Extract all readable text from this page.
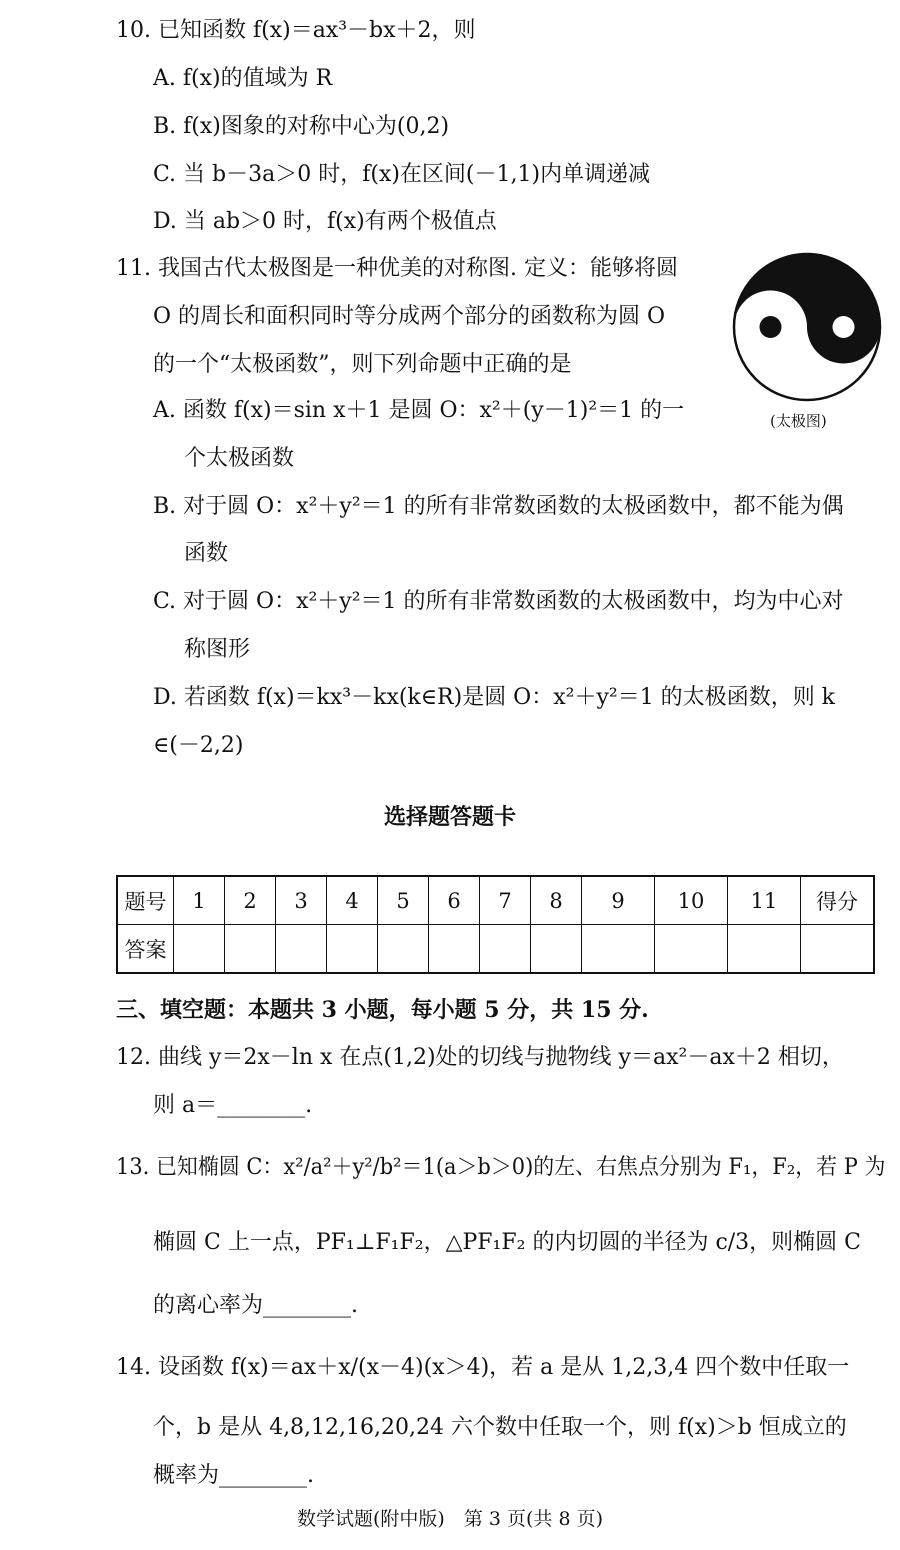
10. 已知函数 f(x)＝ax³－bx＋2，则
A. f(x)的值域为 R
B. f(x)图象的对称中心为(0,2)
C. 当 b－3a＞0 时，f(x)在区间(－1,1)内单调递减
D. 当 ab＞0 时，f(x)有两个极值点
11. 我国古代太极图是一种优美的对称图. 定义：能够将圆
O 的周长和面积同时等分成两个部分的函数称为圆 O
的一个“太极函数”，则下列命题中正确的是
A. 函数 f(x)＝sin x＋1 是圆 O：x²＋(y－1)²＝1 的一
个太极函数
B. 对于圆 O：x²＋y²＝1 的所有非常数函数的太极函数中，都不能为偶
函数
C. 对于圆 O：x²＋y²＝1 的所有非常数函数的太极函数中，均为中心对
称图形
D. 若函数 f(x)＝kx³－kx(k∈R)是圆 O：x²＋y²＝1 的太极函数，则 k
∈(－2,2)
(太极图)
选择题答题卡
题号	1	2	3	4	5	6	7	8	9	10	11	得分
答案												
三、填空题：本题共 3 小题，每小题 5 分，共 15 分.
12. 曲线 y＝2x－ln x 在点(1,2)处的切线与抛物线 y＝ax²－ax＋2 相切，
则 a＝________.
13. 已知椭圆 C：x²/a²＋y²/b²＝1(a＞b＞0)的左、右焦点分别为 F₁，F₂，若 P 为
椭圆 C 上一点，PF₁⊥F₁F₂，△PF₁F₂ 的内切圆的半径为 c/3，则椭圆 C
的离心率为________.
14. 设函数 f(x)＝ax＋x/(x－4)(x＞4)，若 a 是从 1,2,3,4 四个数中任取一
个，b 是从 4,8,12,16,20,24 六个数中任取一个，则 f(x)＞b 恒成立的
概率为________.
数学试题(附中版)　第 3 页(共 8 页)
